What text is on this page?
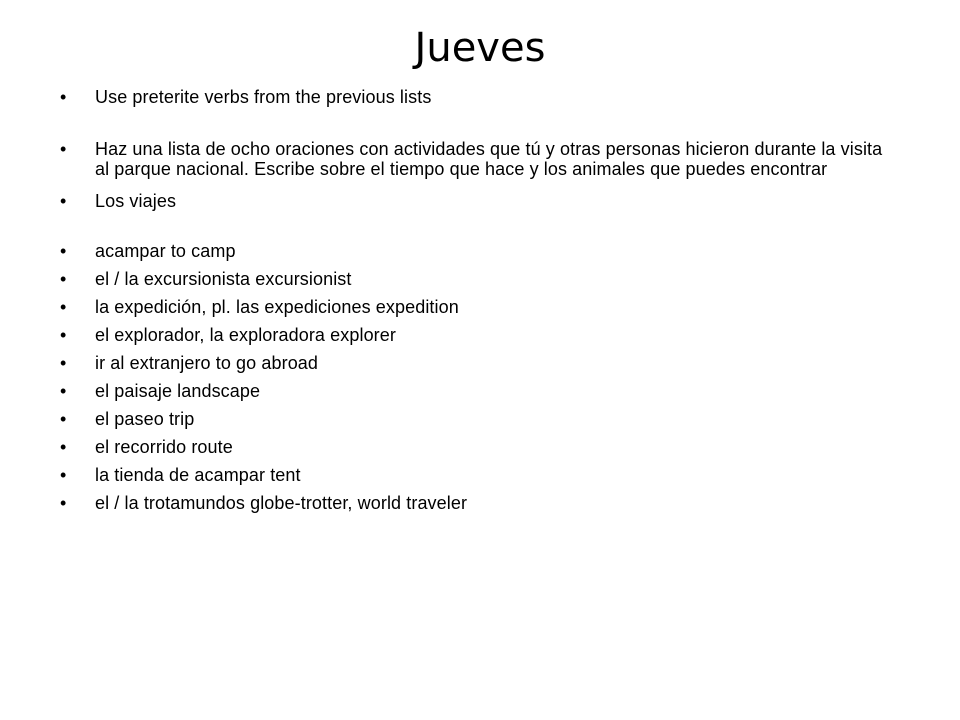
Jueves
•	Use preterite verbs from the previous lists
•	Haz una lista de ocho oraciones con actividades que tú y otras personas hicieron durante la visita al parque nacional. Escribe sobre el tiempo que hace y los animales que puedes encontrar
•	Los viajes
•	acampar to camp
•	el / la excursionista excursionist
•	la expedición, pl. las expediciones expedition
•	el explorador, la exploradora explorer
•	ir al extranjero to go abroad
•	el paisaje landscape
•	el paseo trip
•	el recorrido route
•	la tienda de acampar tent
•	el / la trotamundos globe-trotter, world traveler
